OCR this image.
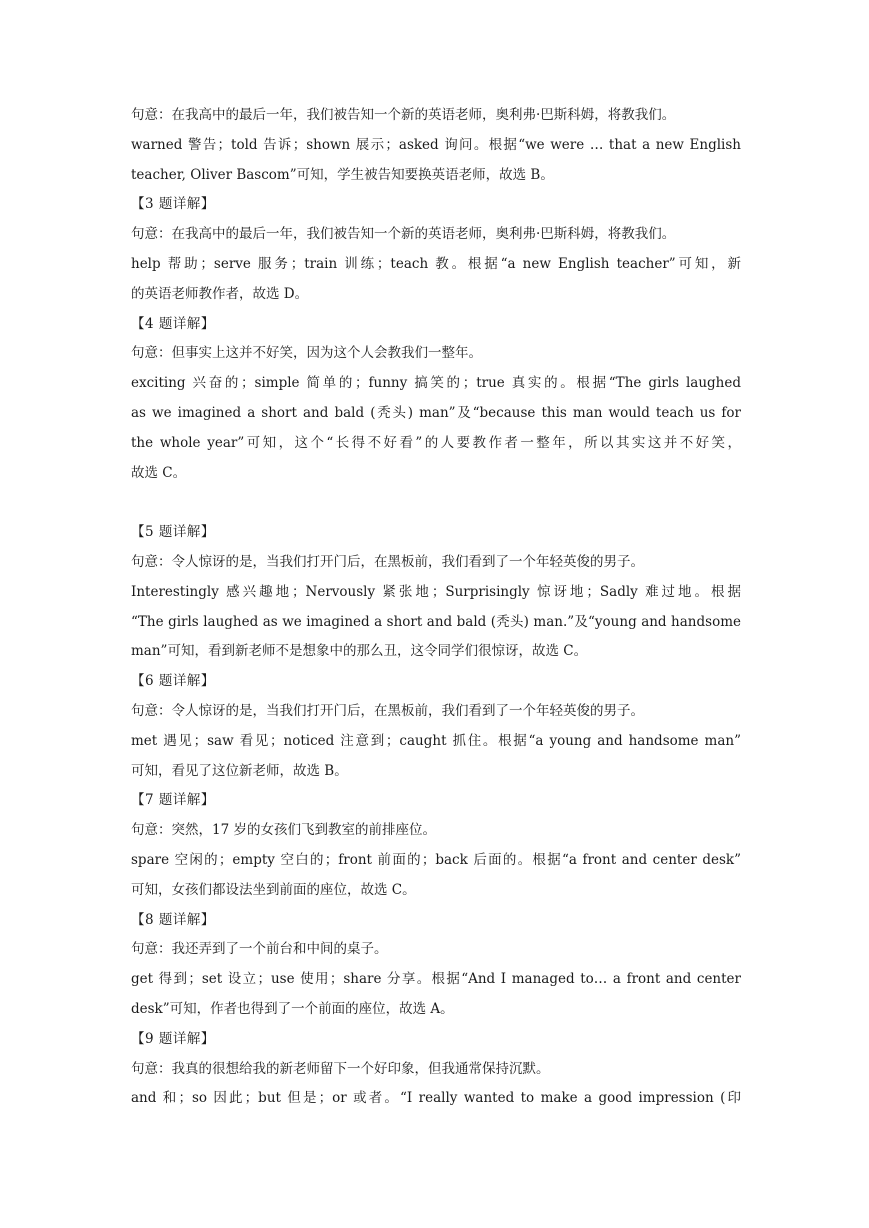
句意：在我高中的最后一年，我们被告知一个新的英语老师，奥利弗·巴斯科姆，将教我们。
warned 警告；told 告诉；shown 展示；asked 询问。根据“we were … that a new English
teacher, Oliver Bascom”可知，学生被告知要换英语老师，故选 B。
【3 题详解】
句意：在我高中的最后一年，我们被告知一个新的英语老师，奥利弗·巴斯科姆，将教我们。
help 帮助；serve 服务；train 训练；teach 教。根据“a new English teacher”可知，新
的英语老师教作者，故选 D。
【4 题详解】
句意：但事实上这并不好笑，因为这个人会教我们一整年。
exciting 兴奋的；simple 简单的；funny 搞笑的；true 真实的。根据“The girls laughed
as we imagined a short and bald (秃头) man”及“because this man would teach us for
the whole year”可知，这个“长得不好看”的人要教作者一整年，所以其实这并不好笑，
故选 C。
【5 题详解】
句意：令人惊讶的是，当我们打开门后，在黑板前，我们看到了一个年轻英俊的男子。
Interestingly 感兴趣地；Nervously 紧张地；Surprisingly 惊讶地；Sadly 难过地。根据
“The girls laughed as we imagined a short and bald (秃头) man.”及“young and handsome
man”可知，看到新老师不是想象中的那么丑，这令同学们很惊讶，故选 C。
【6 题详解】
句意：令人惊讶的是，当我们打开门后，在黑板前，我们看到了一个年轻英俊的男子。
met 遇见；saw 看见；noticed 注意到；caught 抓住。根据“a young and handsome man”
可知，看见了这位新老师，故选 B。
【7 题详解】
句意：突然，17 岁的女孩们飞到教室的前排座位。
spare 空闲的；empty 空白的；front 前面的；back 后面的。根据“a front and center desk”
可知，女孩们都设法坐到前面的座位，故选 C。
【8 题详解】
句意：我还弄到了一个前台和中间的桌子。
get 得到；set 设立；use 使用；share 分享。根据“And I managed to… a front and center
desk”可知，作者也得到了一个前面的座位，故选 A。
【9 题详解】
句意：我真的很想给我的新老师留下一个好印象，但我通常保持沉默。
and 和；so 因此；but 但是；or 或者。“I really wanted to make a good impression (印
